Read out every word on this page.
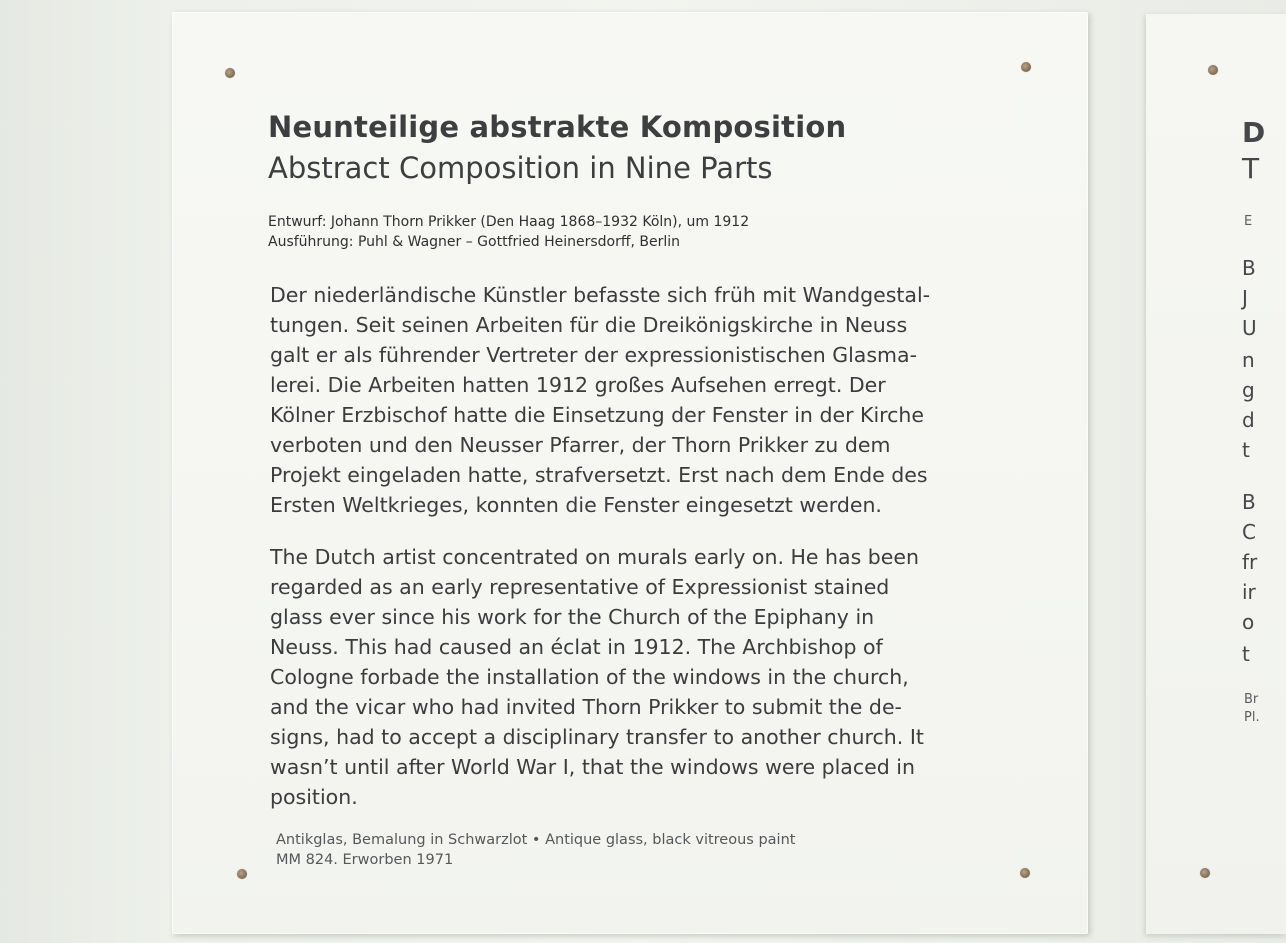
Neunteilige abstrakte Komposition
Abstract Composition in Nine Parts
Entwurf: Johann Thorn Prikker (Den Haag 1868–1932 Köln), um 1912
Ausführung: Puhl & Wagner – Gottfried Heinersdorff, Berlin
Der niederländische Künstler befasste sich früh mit Wandgestal-
tungen. Seit seinen Arbeiten für die Dreikönigskirche in Neuss
galt er als führender Vertreter der expressionistischen Glasma-
lerei. Die Arbeiten hatten 1912 großes Aufsehen erregt. Der
Kölner Erzbischof hatte die Einsetzung der Fenster in der Kirche
verboten und den Neusser Pfarrer, der Thorn Prikker zu dem
Projekt eingeladen hatte, strafversetzt. Erst nach dem Ende des
Ersten Weltkrieges, konnten die Fenster eingesetzt werden.
The Dutch artist concentrated on murals early on. He has been
regarded as an early representative of Expressionist stained
glass ever since his work for the Church of the Epiphany in
Neuss. This had caused an éclat in 1912. The Archbishop of
Cologne forbade the installation of the windows in the church,
and the vicar who had invited Thorn Prikker to submit the de-
signs, had to accept a disciplinary transfer to another church. It
wasn’t until after World War I, that the windows were placed in
position.
Antikglas, Bemalung in Schwarzlot • Antique glass, black vitreous paint
MM 824. Erworben 1971
D
T
E
B
J
U
n
g
d
t
B
C
fr
ir
o
t
Br
Pl.
